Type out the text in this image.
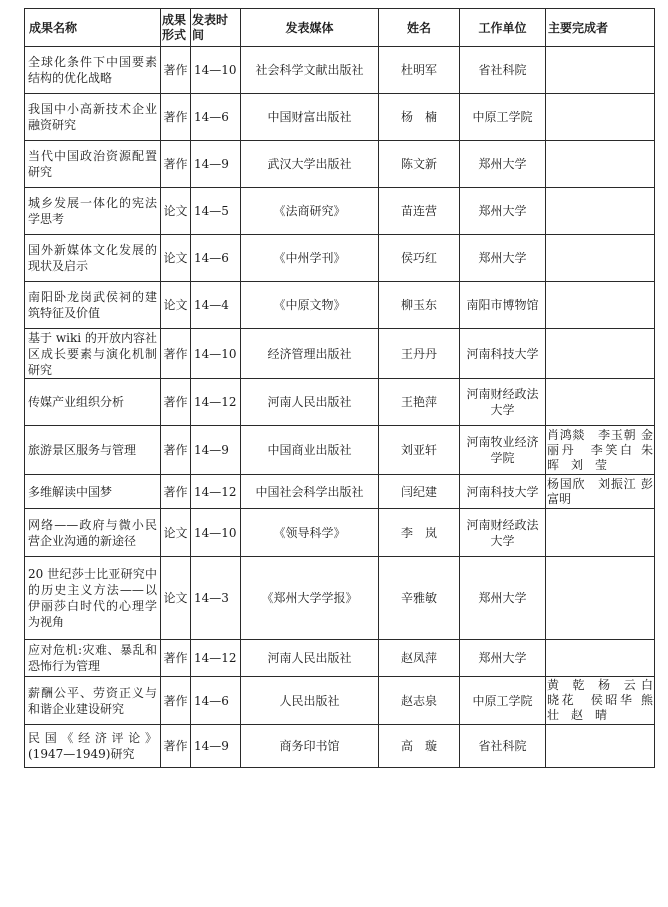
成果名称	成果形式	发表时间	发表媒体	姓名	工作单位	主要完成者
全球化条件下中国要素结构的优化战略	著作	14—10	社会科学文献出版社	杜明军	省社科院	
我国中小高新技术企业融资研究	著作	14—6	中国财富出版社	杨　楠	中原工学院	
当代中国政治资源配置研究	著作	14—9	武汉大学出版社	陈文新	郑州大学	
城乡发展一体化的宪法学思考	论文	14—5	《法商研究》	苗连营	郑州大学	
国外新媒体文化发展的现状及启示	论文	14—6	《中州学刊》	侯巧红	郑州大学	
南阳卧龙岗武侯祠的建筑特征及价值	论文	14—4	《中原文物》	柳玉东	南阳市博物馆	
基于 wiki 的开放内容社区成长要素与演化机制研究	著作	14—10	经济管理出版社	王丹丹	河南科技大学	
传媒产业组织分析	著作	14—12	河南人民出版社	王艳萍	河南财经政法大学	
旅游景区服务与管理	著作	14—9	中国商业出版社	刘亚轩	河南牧业经济学院	肖鸿燚　李玉朝 金丽丹　李笑白 朱　晖　刘　莹
多维解读中国梦	著作	14—12	中国社会科学出版社	闫纪建	河南科技大学	杨国欣　刘振江 彭富明
网络——政府与微小民营企业沟通的新途径	论文	14—10	《领导科学》	李　岚	河南财经政法大学	
20 世纪莎士比亚研究中的历史主义方法——以伊丽莎白时代的心理学为视角	论文	14—3	《郑州大学学报》	辛雅敏	郑州大学	
应对危机:灾难、暴乱和恐怖行为管理	著作	14—12	河南人民出版社	赵凤萍	郑州大学	
薪酬公平、劳资正义与和谐企业建设研究	著作	14—6	人民出版社	赵志泉	中原工学院	黄　乾　杨　云 白晓花　侯昭华 熊　壮　赵　晴
民国《经济评论》(1947—1949)研究	著作	14—9	商务印书馆	高　璇	省社科院	
